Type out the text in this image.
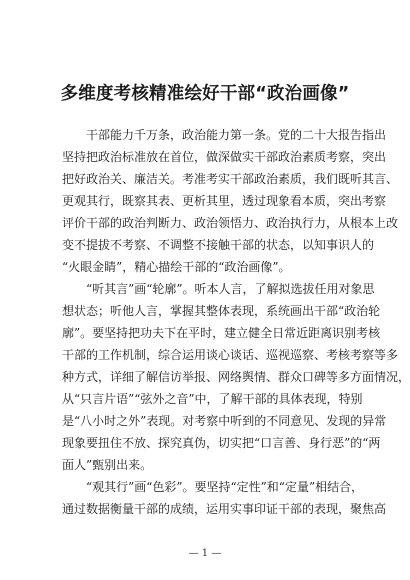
多维度考核精准绘好干部“政治画像”
干部能力千万条，政治能力第一条。党的二十大报告指出
坚持把政治标准放在首位，做深做实干部政治素质考察，突出
把好政治关、廉洁关。考准考实干部政治素质，我们既听其言、
更观其行，既察其表、更析其里，透过现象看本质，突出考察
评价干部的政治判断力、政治领悟力、政治执行力，从根本上改
变不提拔不考察、不调整不接触干部的状态，以知事识人的
“火眼金睛”，精心描绘干部的“政治画像”。
“听其言”画“轮廓”。听本人言，了解拟选拔任用对象思
想状态；听他人言，掌握其整体表现，系统画出干部“政治轮
廓”。要坚持把功夫下在平时，建立健全日常近距离识别考核
干部的工作机制，综合运用谈心谈话、巡视巡察、考核考察等多
种方式，详细了解信访举报、网络舆情、群众口碑等多方面情况，
从“只言片语”“弦外之音”中，了解干部的具体表现，特别
是“八小时之外”表现。对考察中听到的不同意见、发现的异常
现象要扭住不放、探究真伪，切实把“口言善、身行恶”的“两
面人”甄别出来。
“观其行”画“色彩”。要坚持“定性”和“定量”相结合，
通过数据衡量干部的成绩，运用实事印证干部的表现，聚焦高
— 1 —
